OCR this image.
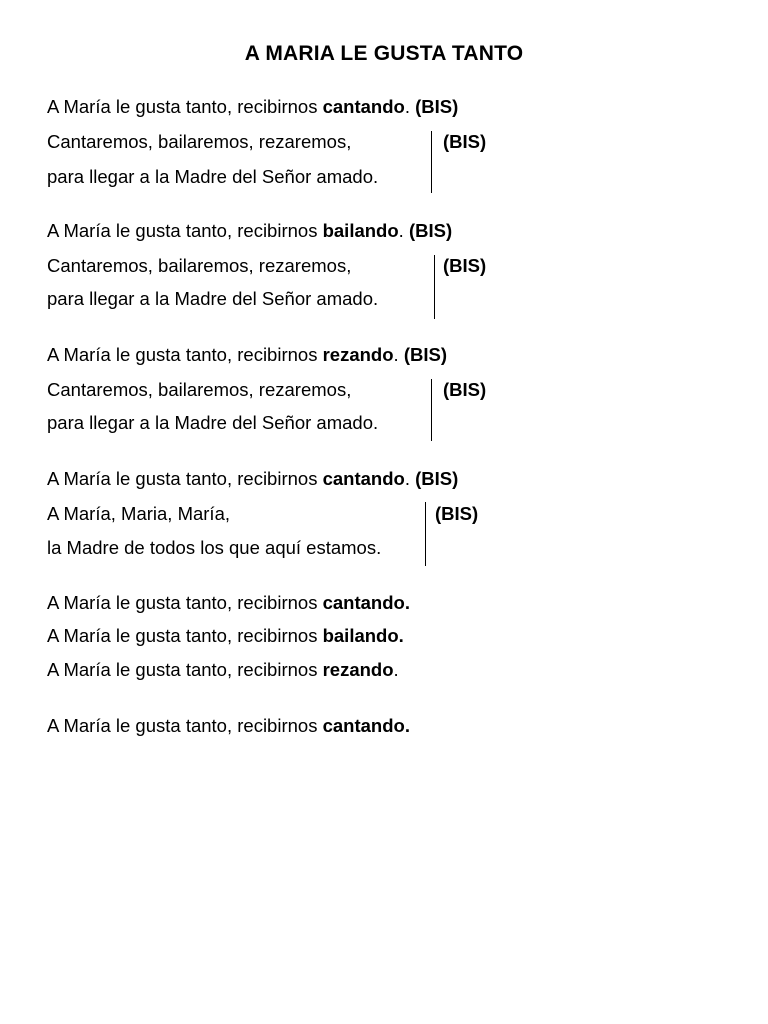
A MARIA LE GUSTA TANTO
A María le gusta tanto, recibirnos cantando. (BIS)
Cantaremos, bailaremos, rezaremos,
para llegar a la Madre del Señor amado.
(BIS)
A María le gusta tanto, recibirnos bailando. (BIS)
Cantaremos, bailaremos, rezaremos,
para llegar a la Madre del Señor amado.
(BIS)
A María le gusta tanto, recibirnos rezando. (BIS)
Cantaremos, bailaremos, rezaremos,
para llegar a la Madre del Señor amado.
(BIS)
A María le gusta tanto, recibirnos cantando. (BIS)
A María, Maria, María,
la Madre de todos los que aquí estamos.
(BIS)
A María le gusta tanto, recibirnos cantando.
A María le gusta tanto, recibirnos bailando.
A María le gusta tanto, recibirnos rezando.
A María le gusta tanto, recibirnos cantando.
